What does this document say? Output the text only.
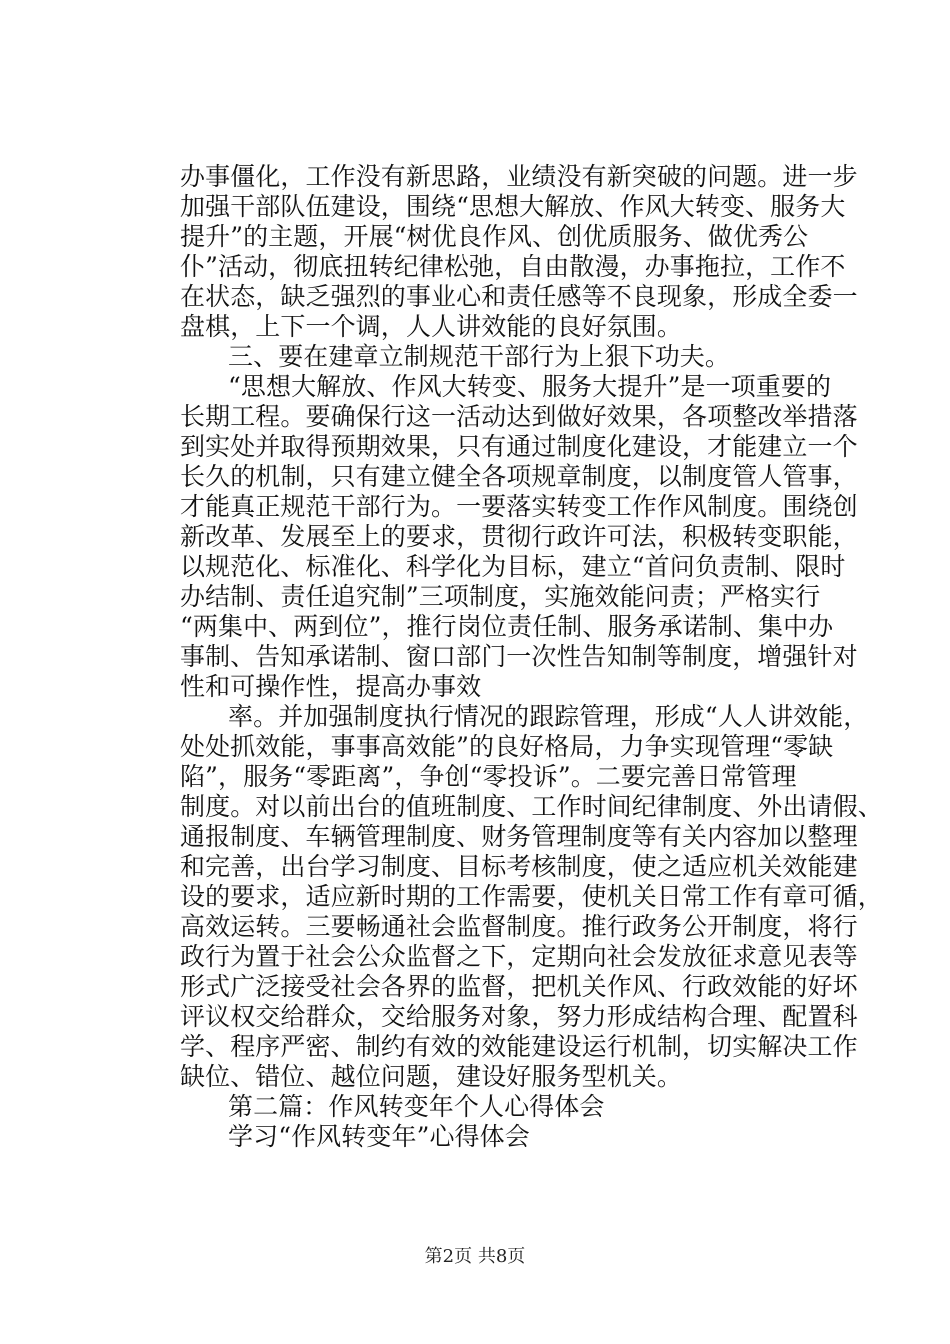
办事僵化，工作没有新思路，业绩没有新突破的问题。进一步
加强干部队伍建设，围绕“思想大解放、作风大转变、服务大
提升”的主题，开展“树优良作风、创优质服务、做优秀公
仆”活动，彻底扭转纪律松弛，自由散漫，办事拖拉，工作不
在状态，缺乏强烈的事业心和责任感等不良现象，形成全委一
盘棋，上下一个调，人人讲效能的良好氛围。
三、要在建章立制规范干部行为上狠下功夫。
“思想大解放、作风大转变、服务大提升”是一项重要的
长期工程。要确保行这一活动达到做好效果，各项整改举措落
到实处并取得预期效果，只有通过制度化建设，才能建立一个
长久的机制，只有建立健全各项规章制度，以制度管人管事，
才能真正规范干部行为。一要落实转变工作作风制度。围绕创
新改革、发展至上的要求，贯彻行政许可法，积极转变职能，
以规范化、标准化、科学化为目标，建立“首问负责制、限时
办结制、责任追究制”三项制度，实施效能问责；严格实行
“两集中、两到位”，推行岗位责任制、服务承诺制、集中办
事制、告知承诺制、窗口部门一次性告知制等制度，增强针对
性和可操作性，提高办事效
率。并加强制度执行情况的跟踪管理，形成“人人讲效能，
处处抓效能，事事高效能”的良好格局，力争实现管理“零缺
陷”，服务“零距离”，争创“零投诉”。二要完善日常管理
制度。对以前出台的值班制度、工作时间纪律制度、外出请假、
通报制度、车辆管理制度、财务管理制度等有关内容加以整理
和完善，出台学习制度、目标考核制度，使之适应机关效能建
设的要求，适应新时期的工作需要，使机关日常工作有章可循，
高效运转。三要畅通社会监督制度。推行政务公开制度，将行
政行为置于社会公众监督之下，定期向社会发放征求意见表等
形式广泛接受社会各界的监督，把机关作风、行政效能的好坏
评议权交给群众，交给服务对象，努力形成结构合理、配置科
学、程序严密、制约有效的效能建设运行机制，切实解决工作
缺位、错位、越位问题，建设好服务型机关。
第二篇：作风转变年个人心得体会
学习“作风转变年”心得体会
第2页 共8页
